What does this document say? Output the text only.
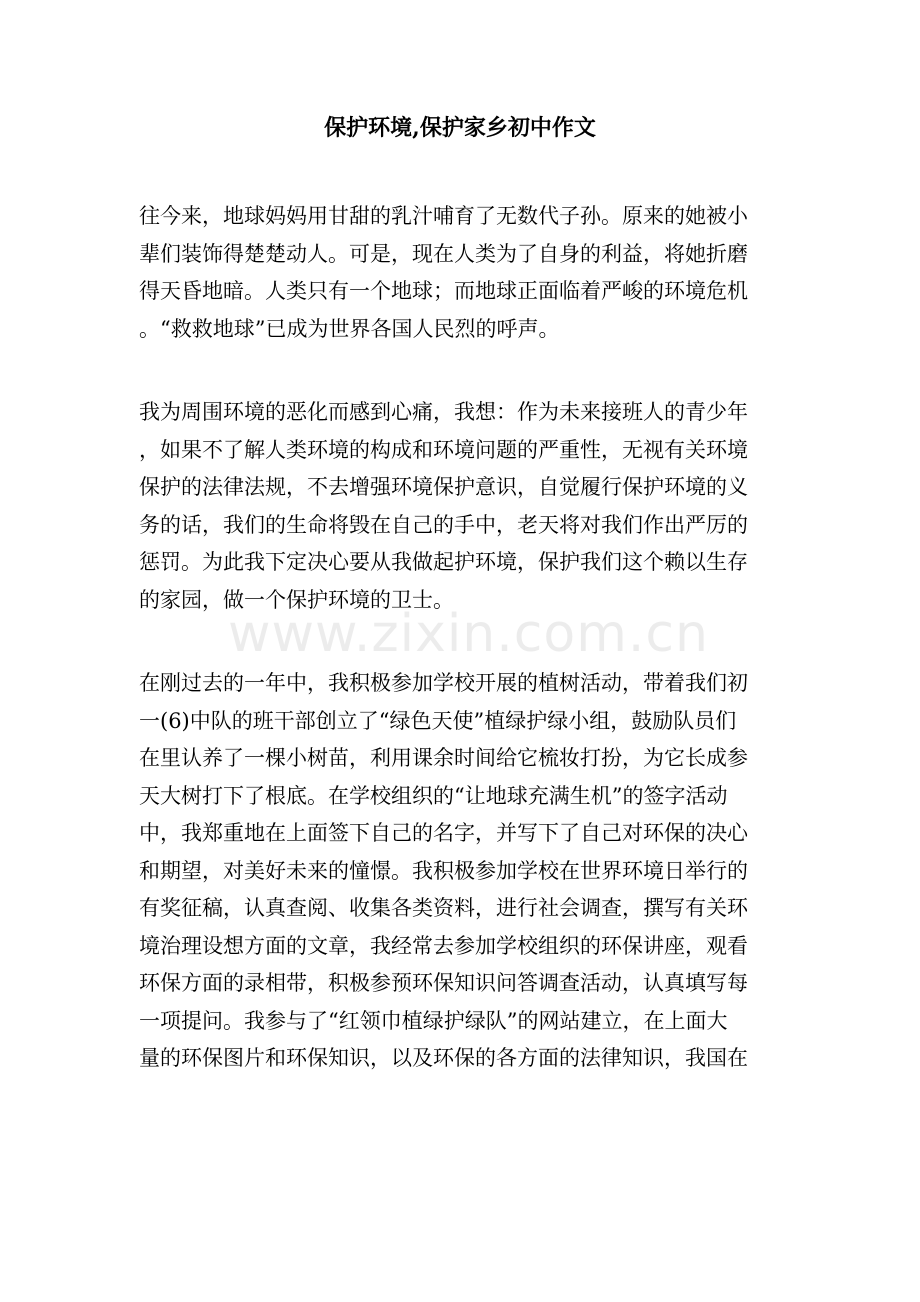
保护环境,保护家乡初中作文

往今来，地球妈妈用甘甜的乳汁哺育了无数代子孙。原来的她被小
辈们装饰得楚楚动人。可是，现在人类为了自身的利益，将她折磨
得天昏地暗。人类只有一个地球；而地球正面临着严峻的环境危机
。“救救地球”已成为世界各国人民烈的呼声。

我为周围环境的恶化而感到心痛，我想：作为未来接班人的青少年
，如果不了解人类环境的构成和环境问题的严重性，无视有关环境
保护的法律法规，不去增强环境保护意识，自觉履行保护环境的义
务的话，我们的生命将毁在自己的手中，老天将对我们作出严厉的
惩罚。为此我下定决心要从我做起护环境，保护我们这个赖以生存
的家园，做一个保护环境的卫士。

在刚过去的一年中，我积极参加学校开展的植树活动，带着我们初
一(6)中队的班干部创立了“绿色天使”植绿护绿小组，鼓励队员们
在里认养了一棵小树苗，利用课余时间给它梳妆打扮，为它长成参
天大树打下了根底。在学校组织的“让地球充满生机”的签字活动
中，我郑重地在上面签下自己的名字，并写下了自己对环保的决心
和期望，对美好未来的憧憬。我积极参加学校在世界环境日举行的
有奖征稿，认真查阅、收集各类资料，进行社会调查，撰写有关环
境治理设想方面的文章，我经常去参加学校组织的环保讲座，观看
环保方面的录相带，积极参预环保知识问答调查活动，认真填写每
一项提问。我参与了“红领巾植绿护绿队”的网站建立，在上面大
量的环保图片和环保知识，以及环保的各方面的法律知识，我国在

www.zixin.com.cn
